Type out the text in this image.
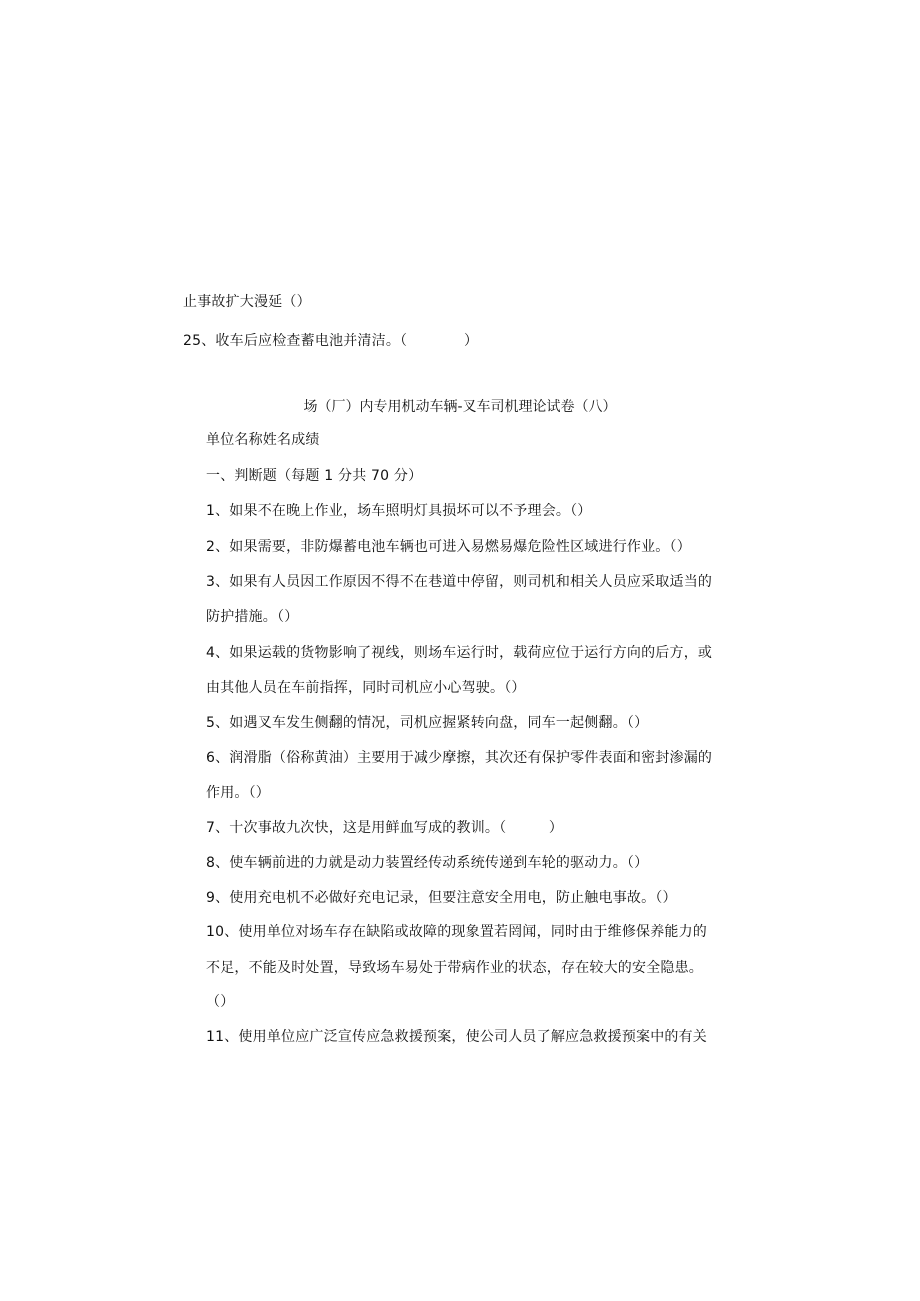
止事故扩大漫延（）
25、收车后应检查蓄电池并清洁。（　　　　）
场（厂）内专用机动车辆-叉车司机理论试卷（八）
单位名称姓名成绩
一、判断题（每题 1 分共 70 分）
1、如果不在晚上作业，场车照明灯具损坏可以不予理会。（）
2、如果需要，非防爆蓄电池车辆也可进入易燃易爆危险性区域进行作业。（）
3、如果有人员因工作原因不得不在巷道中停留，则司机和相关人员应采取适当的
防护措施。（）
4、如果运载的货物影响了视线，则场车运行时，载荷应位于运行方向的后方，或
由其他人员在车前指挥，同时司机应小心驾驶。（）
5、如遇叉车发生侧翻的情况，司机应握紧转向盘，同车一起侧翻。（）
6、润滑脂（俗称黄油）主要用于减少摩擦，其次还有保护零件表面和密封渗漏的
作用。（）
7、十次事故九次快，这是用鲜血写成的教训。（　　　）
8、使车辆前进的力就是动力装置经传动系统传递到车轮的驱动力。（）
9、使用充电机不必做好充电记录，但要注意安全用电，防止触电事故。（）
10、使用单位对场车存在缺陷或故障的现象置若罔闻，同时由于维修保养能力的
不足，不能及时处置，导致场车易处于带病作业的状态，存在较大的安全隐患。
（）
11、使用单位应广泛宣传应急救援预案，使公司人员了解应急救援预案中的有关
